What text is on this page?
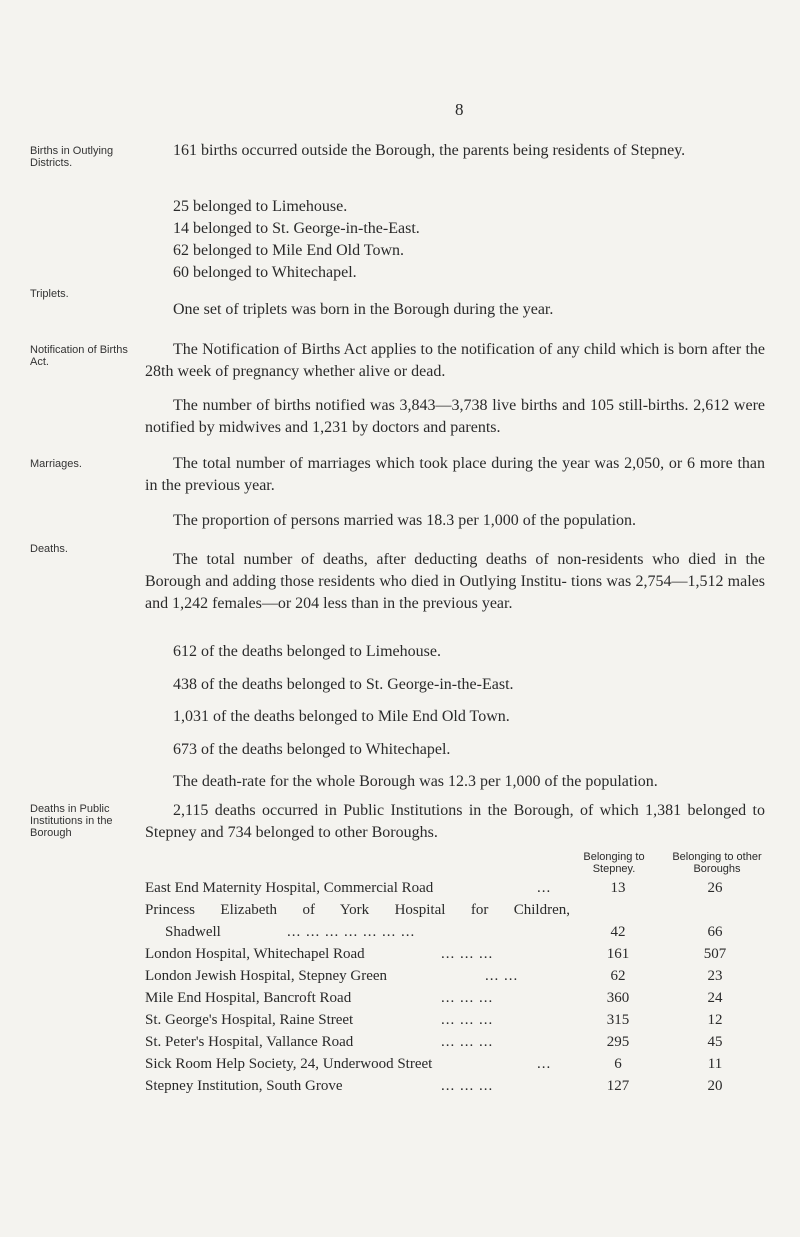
8
Births in Outlying Districts.
Triplets.
Notification of Births Act.
Marriages.
Deaths.
Deaths in Public Institutions in the Borough
161 births occurred outside the Borough, the parents being residents of Stepney.
25 belonged to Limehouse.
14 belonged to St. George-in-the-East.
62 belonged to Mile End Old Town.
60 belonged to Whitechapel.
One set of triplets was born in the Borough during the year.
The Notification of Births Act applies to the notification of any child which is born after the 28th week of pregnancy whether alive or dead.
The number of births notified was 3,843—3,738 live births and 105 still-births. 2,612 were notified by midwives and 1,231 by doctors and parents.
The total number of marriages which took place during the year was 2,050, or 6 more than in the previous year.
The proportion of persons married was 18.3 per 1,000 of the population.
The total number of deaths, after deducting deaths of non-residents who died in the Borough and adding those residents who died in Outlying Institu- tions was 2,754—1,512 males and 1,242 females—or 204 less than in the previous year.
612 of the deaths belonged to Limehouse.
438 of the deaths belonged to St. George-in-the-East.
1,031 of the deaths belonged to Mile End Old Town.
673 of the deaths belonged to Whitechapel.
The death-rate for the whole Borough was 12.3 per 1,000 of the population.
2,115 deaths occurred in Public Institutions in the Borough, of which 1,381 belonged to Stepney and 734 belonged to other Boroughs.
Belonging to Stepney.
Belonging to other Boroughs
East End Maternity Hospital, Commercial Road	...	13	26
Princess Elizabeth of York Hospital for Children,
Shadwell	... ... ... ... ... ... ...	42	66
London Hospital, Whitechapel Road	... ... ...	161	507
London Jewish Hospital, Stepney Green	... ...	62	23
Mile End Hospital, Bancroft Road	... ... ...	360	24
St. George's Hospital, Raine Street	... ... ...	315	12
St. Peter's Hospital, Vallance Road	... ... ...	295	45
Sick Room Help Society, 24, Underwood Street	...	6	11
Stepney Institution, South Grove	... ... ...	127	20
